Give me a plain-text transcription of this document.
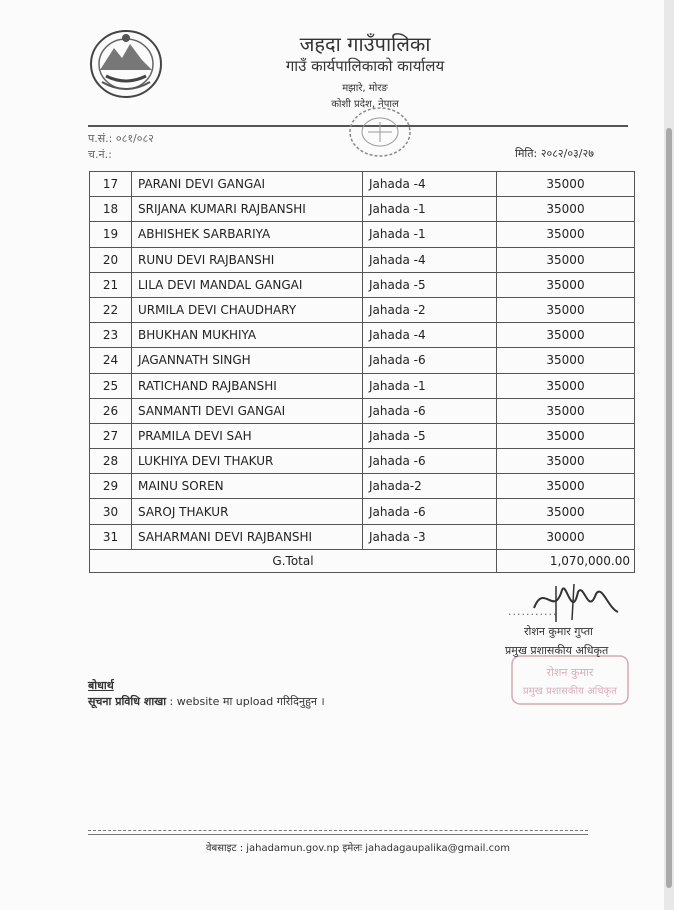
जहदा गाउँपालिका
गाउँ कार्यपालिकाको कार्यालय
मझारे, मोरङ
कोशी प्रदेश, नेपाल
प.सं.: ०८१/०८२
च.नं.:	मिति: २०८२/०३/२७
17	PARANI DEVI GANGAI	Jahada -4	35000
18	SRIJANA KUMARI RAJBANSHI	Jahada -1	35000
19	ABHISHEK SARBARIYA	Jahada -1	35000
20	RUNU DEVI RAJBANSHI	Jahada -4	35000
21	LILA DEVI MANDAL GANGAI	Jahada -5	35000
22	URMILA DEVI CHAUDHARY	Jahada -2	35000
23	BHUKHAN MUKHIYA	Jahada -4	35000
24	JAGANNATH SINGH	Jahada -6	35000
25	RATICHAND RAJBANSHI	Jahada -1	35000
26	SANMANTI DEVI GANGAI	Jahada -6	35000
27	PRAMILA DEVI SAH	Jahada -5	35000
28	LUKHIYA DEVI THAKUR	Jahada -6	35000
29	MAINU SOREN	Jahada-2	35000
30	SAROJ THAKUR	Jahada -6	35000
31	SAHARMANI DEVI RAJBANSHI	Jahada -3	30000
G.Total			1,070,000.00
रोशन कुमार
प्रमुख प्रशासकीय अधिकृत
...........
रोशन कुमार गुप्ता
प्रमुख प्रशासकीय अधिकृत
बोधार्थ
सूचना प्रविधि शाखा : website मा upload गरिदिनुहुन ।
वेबसाइट : jahadamun.gov.np इमेलः jahadagaupalika@gmail.com
